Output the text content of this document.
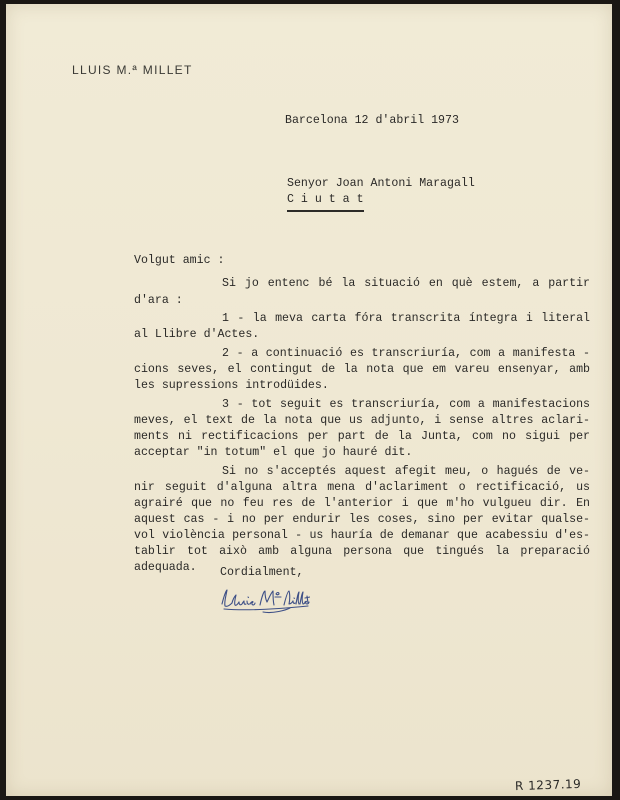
LLUIS M.ª MILLET
Barcelona 12 d'abril 1973
Senyor Joan Antoni Maragall
C i u t a t
Volgut amic :
Si jo entenc bé la situació en què estem, a partir
d'ara :
1 - la meva carta fóra transcrita íntegra i literal
al Llibre d'Actes.
2 - a continuació es transcriuría, com a manifesta -
cions seves, el contingut de la nota que em vareu ensenyar, amb
les supressions introdüides.
3 - tot seguit es transcriuría, com a manifestacions
meves, el text de la nota que us adjunto, i sense altres aclari-
ments ni rectificacions per part de la Junta, com no sigui per
acceptar "in totum" el que jo hauré dit.
Si no s'acceptés aquest afegit meu, o hagués de ve-
nir seguit d'alguna altra mena d'aclariment o rectificació, us
agrairé que no feu res de l'anterior i que m'ho vulgueu dir. En
aquest cas - i no per endurir les coses, sino per evitar qualse-
vol violència personal - us hauría de demanar que acabessiu d'es-
tablir tot això amb alguna persona que tingués la preparació
adequada. Cordialment,
R 1237.19
